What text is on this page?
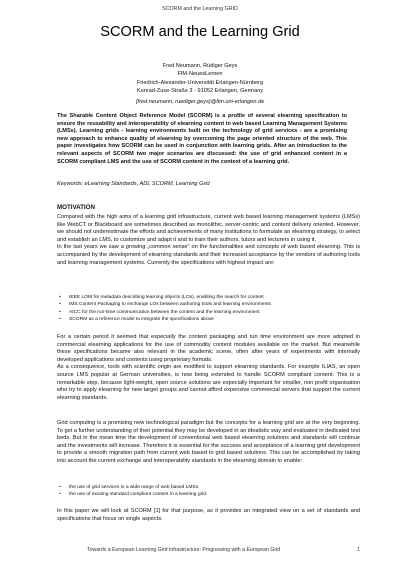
SCORM and the Learning GRID
SCORM and the Learning Grid
Fred Neumann, Rüdiger Geys
FIM-NeuesLernen
Friedrich-Alexander-Universität Erlangen-Nürnberg
Konrad-Zuse-Straße 3 - 91052 Erlangen, Germany
{fred.neumann, ruediger.geys}@fim.uni-erlangen.de

The Sharable Content Object Reference Model (SCORM) is a profile of several elearning specification to ensure the reusability and interoperability of elearning content in web based Learning Management Systems (LMSs). Learning grids - learning environments built on the technology of grid services - are a promising new approach to enhance quality of elearning by overcoming the page oriented structure of the web. This paper investigates how SCORM can be used in conjunction with learning grids. After an introduction to the relevant aspects of SCORM two major scenarios are discussed: the use of grid enhanced content in a SCORM compliant LMS and the use of SCORM content in the context of a learning grid.

Keywords: eLearning Standards, ADL SCORM, Learning Grid

MOTIVATION

Compared with the high aims of a learning grid infrastructure, current web based learning management systems (LMSs) like WebCT or Blackboard are sometimes described as monolithic, server-centric and content delivery oriented. However, we should not underestimate the efforts and achievements of many institutions to formulate an elearning strategy, to select and establish an LMS, to customize and adapt it and to train their authors, tutors and lecturers in using it.
In the last years we saw a growing „common sense" on the functionalities and concepts of web based elearning. This is accompanied by the development of elearning standards and their increased acceptance by the vendors of authoring tools and learning management systems. Currently the specifications with highest impact are:

• IEEE LOM for metadata describing learning objects (LOs), enabling the search for content
• IMS Content Packaging to exchange LOs between authoring tools and learning environments
• AICC for the run-time communication between the content and the learning environment
• SCORM as a reference model to integrate the specifications above

For a certain period it seemed that especially the content packaging and run time environment are more adopted in commercial elearning applications for the use of commodity content modules available on the market. But meanwhile these specifications became also relevant in the academic scene, often after years of experiments with internally developed applications and contents using proprietary formats.
As a consequence, tools with scientific origin are modified to support elearning standards. For example ILIAS, an open source LMS popular at German universities, is now being extended to handle SCORM compliant content. This is a remarkable step, because light-weight, open source solutions are especially important for smaller, non profit organisation who try to apply elearning for new target groups and cannot afford expensive commercial servers that support the current elearning standards.

Grid computing is a promising new technological paradigm but the concepts for a learning grid are at the very beginning. To get a further understanding of their potential they may be developed in an idealistic way and evaluated in dedicated test beds. But in the mean time the development of conventional web based elearning solutions and standards will continue and the investments will increase. Therefore it is essential for the success and acceptance of a learning grid development to provide a smooth migration path from current web based to grid based solutions. This can be accomplished by taking into account the current exchange and interoperability standards in the elearning domain to enable:

• the use of grid services in a wide range of web based LMSs,
• the use of existing standard compliant content in a learning grid.

In this paper we will look at SCORM [1] for that purpose, as it provides an integrated view on a set of standards and specifications that focus on single aspects.

Towards a European Learning Grid Infrastructure: Progressing with a European Grid	1
